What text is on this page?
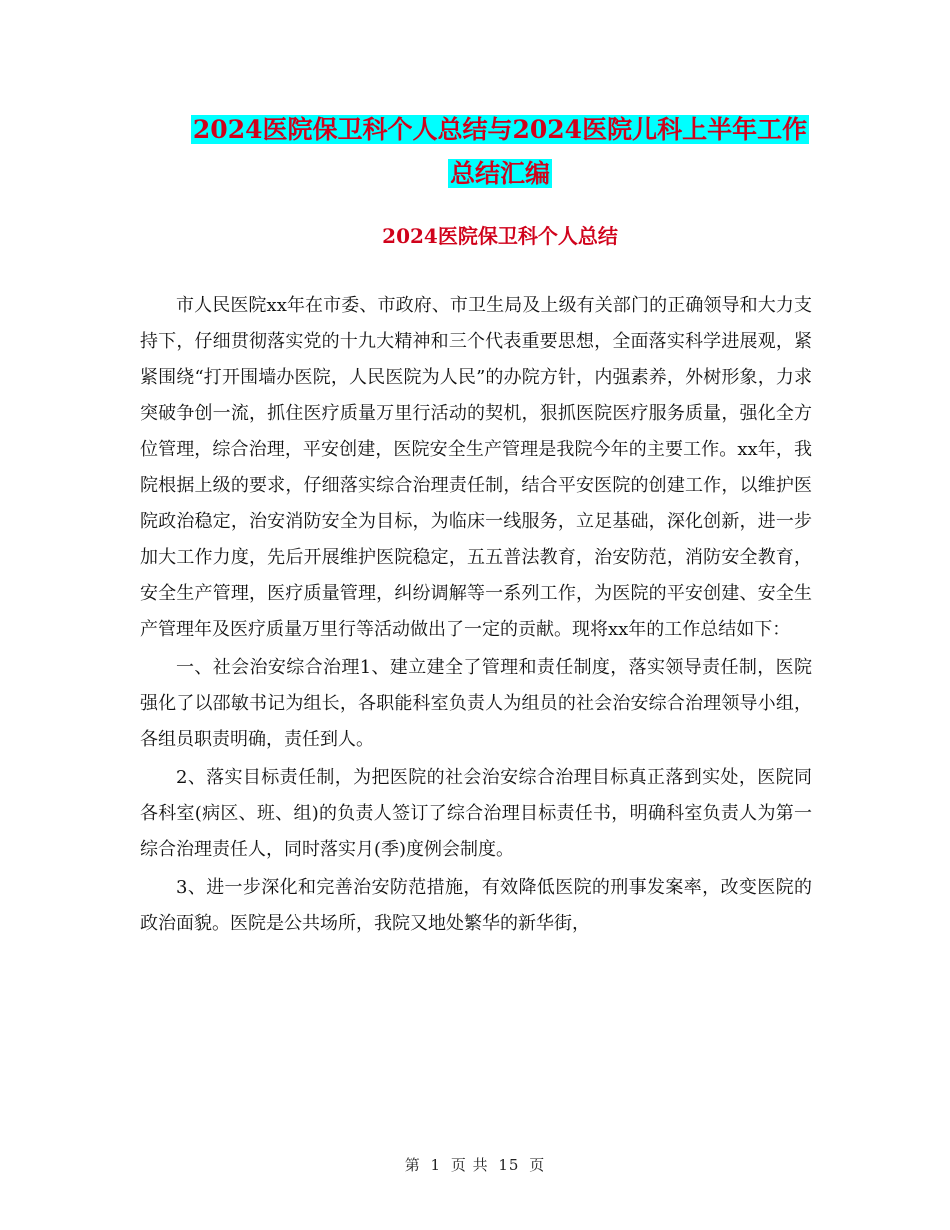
2024医院保卫科个人总结与2024医院儿科上半年工作
总结汇编
2024医院保卫科个人总结

市人民医院xx年在市委、市政府、市卫生局及上级有关部门的正确领导和大力支持下，仔细贯彻落实党的十九大精神和三个代表重要思想，全面落实科学进展观，紧紧围绕“打开围墙办医院，人民医院为人民”的办院方针，内强素养，外树形象，力求突破争创一流，抓住医疗质量万里行活动的契机，狠抓医院医疗服务质量，强化全方位管理，综合治理，平安创建，医院安全生产管理是我院今年的主要工作。xx年，我院根据上级的要求，仔细落实综合治理责任制，结合平安医院的创建工作，以维护医院政治稳定，治安消防安全为目标，为临床一线服务，立足基础，深化创新，进一步加大工作力度，先后开展维护医院稳定，五五普法教育，治安防范，消防安全教育，安全生产管理，医疗质量管理，纠纷调解等一系列工作，为医院的平安创建、安全生产管理年及医疗质量万里行等活动做出了一定的贡献。现将xx年的工作总结如下：

一、社会治安综合治理1、建立建全了管理和责任制度，落实领导责任制，医院强化了以邵敏书记为组长，各职能科室负责人为组员的社会治安综合治理领导小组，各组员职责明确，责任到人。

2、落实目标责任制，为把医院的社会治安综合治理目标真正落到实处，医院同各科室(病区、班、组)的负责人签订了综合治理目标责任书，明确科室负责人为第一综合治理责任人，同时落实月(季)度例会制度。

3、进一步深化和完善治安防范措施，有效降低医院的刑事发案率，改变医院的政治面貌。医院是公共场所，我院又地处繁华的新华街，

第 1 页 共 15 页
